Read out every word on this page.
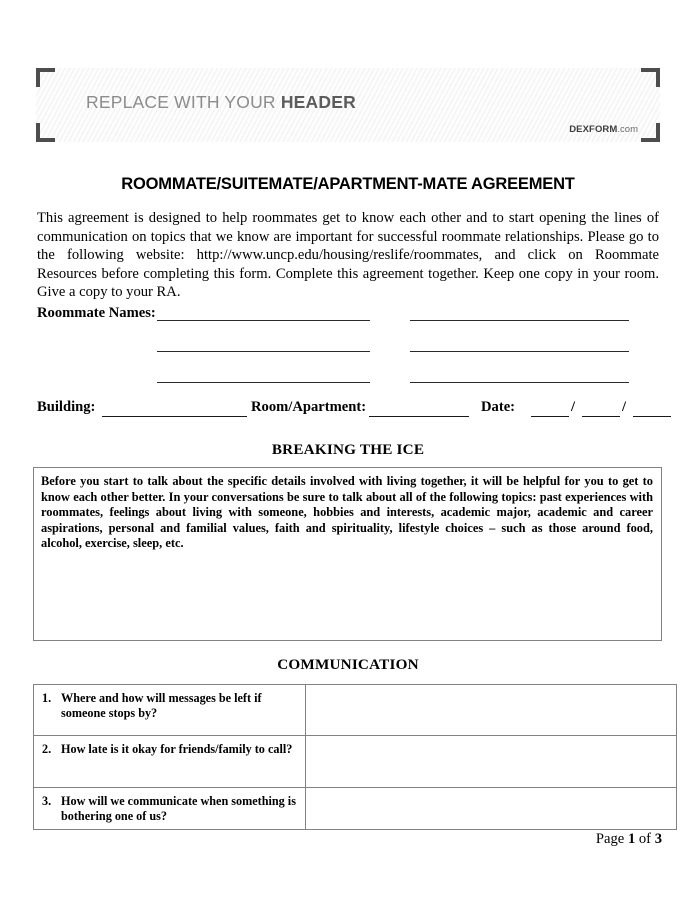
REPLACE WITH YOUR HEADER
DEXFORM.com
ROOMMATE/SUITEMATE/APARTMENT-MATE AGREEMENT
This agreement is designed to help roommates get to know each other and to start opening the lines of communication on topics that we know are important for successful roommate relationships. Please go to the following website: http://www.uncp.edu/housing/reslife/roommates, and click on Roommate Resources before completing this form. Complete this agreement together. Keep one copy in your room. Give a copy to your RA.
Roommate Names:
Building:	Room/Apartment:	Date:	/	/
BREAKING THE ICE
Before you start to talk about the specific details involved with living together, it will be helpful for you to get to know each other better. In your conversations be sure to talk about all of the following topics: past experiences with roommates, feelings about living with someone, hobbies and interests, academic major, academic and career aspirations, personal and familial values, faith and spirituality, lifestyle choices – such as those around food, alcohol, exercise, sleep, etc.
COMMUNICATION
1. Where and how will messages be left if someone stops by?	

2. How late is it okay for friends/family to call?	

3. How will we communicate when something is bothering one of us?	

Page 1 of 3
